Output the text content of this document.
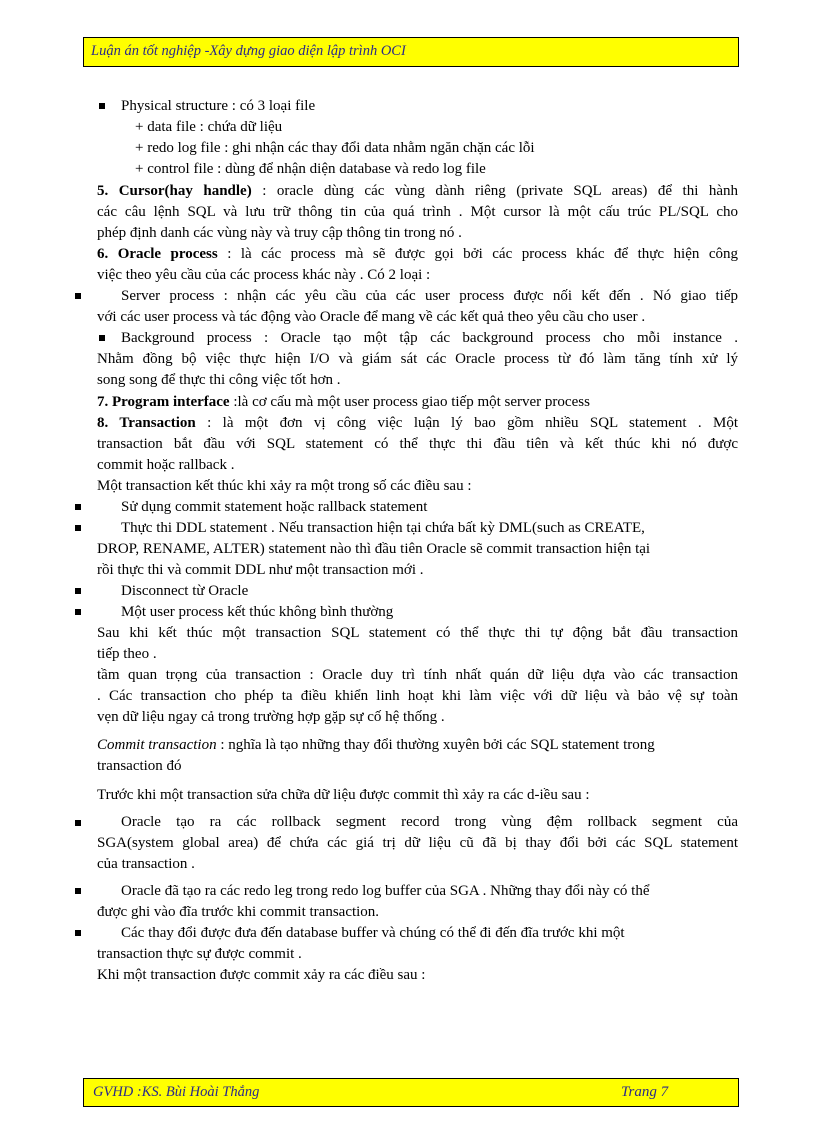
Luận án tốt nghiệp -Xây dựng giao diện lập trình OCI
Physical structure : có 3 loại file
+ data file : chứa dữ liệu
+ redo log file : ghi nhận các thay đổi data nhằm ngăn chặn các lỗi
+ control file : dùng để nhận diện database và redo log file
5. Cursor(hay handle) : oracle dùng các vùng dành riêng (private SQL areas) để thi hành
các câu lệnh SQL và lưu trữ thông tin của quá trình . Một cursor là một cấu trúc PL/SQL cho
phép định danh các vùng này và truy cập thông tin trong nó .
6. Oracle process : là các process mà sẽ được gọi bởi các process khác để thực hiện công
việc theo yêu cầu của các process khác này . Có 2 loại :
Server process : nhận các yêu cầu của các user process được nối kết đến . Nó giao tiếp
với các user process và tác động vào Oracle để mang về các kết quả theo yêu cầu cho user .
Background process : Oracle tạo một tập các background process cho mỗi instance .
Nhằm đồng bộ việc thực hiện I/O và giám sát các Oracle process từ đó làm tăng tính xử lý
song song để thực thi công việc tốt hơn .
7. Program interface :là cơ cấu mà một user process giao tiếp một server process
8. Transaction : là một đơn vị công việc luận lý bao gồm nhiều SQL statement . Một
transaction bắt đầu với SQL statement có thể thực thi đầu tiên và kết thúc khi nó được
commit hoặc rallback .
Một transaction kết thúc khi xảy ra một trong số các điều sau :
Sử dụng commit statement hoặc rallback statement
Thực thi DDL statement . Nếu transaction hiện tại chứa bất kỳ DML(such as CREATE,
DROP, RENAME, ALTER) statement nào thì đầu tiên Oracle sẽ commit transaction hiện tại
rồi thực thi và commit DDL như một transaction mới .
Disconnect từ Oracle
Một user process kết thúc không bình thường
Sau khi kết thúc một transaction SQL statement có thể thực thi tự động bắt đầu transaction
tiếp theo .
tầm quan trọng của transaction : Oracle duy trì tính nhất quán dữ liệu dựa vào các transaction
. Các transaction cho phép ta điều khiển linh hoạt khi làm việc với dữ liệu và bảo vệ sự toàn
vẹn dữ liệu ngay cả trong trường hợp gặp sự cố hệ thống .
Commit transaction : nghĩa là tạo những thay đổi thường xuyên bởi các SQL statement trong
transaction đó
Trước khi một transaction sửa chữa dữ liệu được commit thì xảy ra các d-iều sau :
Oracle tạo ra các rollback segment record trong vùng đệm rollback segment của
SGA(system global area) để chứa các giá trị dữ liệu cũ đã bị thay đổi bởi các SQL statement
của transaction .
Oracle đã tạo ra các redo leg trong redo log buffer của SGA . Những thay đổi này có thể
được ghi vào đĩa trước khi commit transaction.
Các thay đổi được đưa đến database buffer và chúng có thể đi đến đĩa trước khi một
transaction thực sự được commit .
Khi một transaction được commit xảy ra các điều sau :
GVHD :KS. Bùi Hoài Thắng	Trang 7
